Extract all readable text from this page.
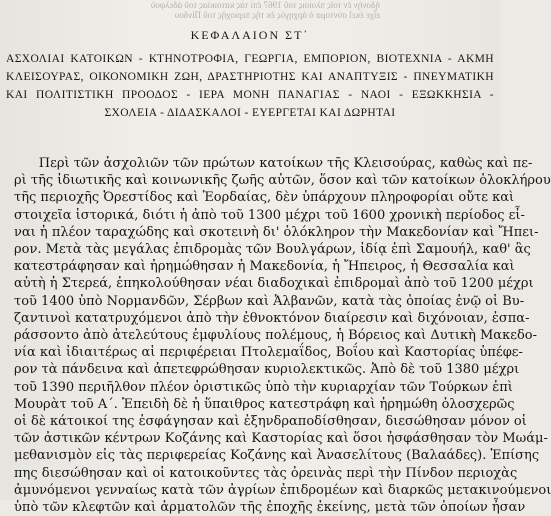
ἡδονὴν ἐν τοῖς πλοίοις τοῦ 1967 ἐπὶ τὰς κατοικίας τοῦ ἀδελφοῦ
εἶχε ἐκεῖ σύντομα ὁ ἀρχηγὸς ἐκ τῆς περιοχῆς τοῦ Πίνδου
ΚΕΦΑΛΑΙΟΝ ΣΤ΄
ΑΣΧΟΛΙΑΙ ΚΑΤΟΙΚΩΝ - ΚΤΗΝΟΤΡΟΦΙΑ, ΓΕΩΡΓΙΑ, ΕΜΠΟΡΙΟΝ, ΒΙΟΤΕΧΝΙΑ - ΑΚΜΗ
ΚΛΕΙΣΟΥΡΑΣ, ΟΙΚΟΝΟΜΙΚΗ ΖΩΗ, ΔΡΑΣΤΗΡΙΟΤΗΣ ΚΑΙ ΑΝΑΠΤΥΞΙΣ - ΠΝΕΥΜΑΤΙΚΗ
ΚΑΙ ΠΟΛΙΤΙΣΤΙΚΗ ΠΡΟΟΔΟΣ - ΙΕΡΑ ΜΟΝΗ ΠΑΝΑΓΙΑΣ - ΝΑΟΙ - ΕΞΩΚΚΗΣΙΑ -
ΣΧΟΛΕΙΑ - ΔΙΔΑΣΚΑΛΟΙ - ΕΥΕΡΓΕΤΑΙ ΚΑΙ ΔΩΡΗΤΑΙ
Περὶ τῶν ἀσχολιῶν τῶν πρώτων κατοίκων τῆς Κλεισούρας, καθὼς καὶ πε-
ρὶ τῆς ἰδιωτικῆς καὶ κοινωνικῆς ζωῆς αὐτῶν, ὅσον καὶ τῶν κατοίκων ὁλοκλήρου
τῆς περιοχῆς Ὀρεστίδος καὶ Ἐορδαίας, δὲν ὑπάρχουν πληροφορίαι οὔτε καὶ
στοιχεῖα ἱστορικά, διότι ἡ ἀπὸ τοῦ 1300 μέχρι τοῦ 1600 χρονικὴ περίοδος εἶ-
ναι ἡ πλέον ταραχώδης καὶ σκοτεινὴ δι' ὁλόκληρον τὴν Μακεδονίαν καὶ Ἤπει-
ρον. Μετὰ τὰς μεγάλας ἐπιδρομὰς τῶν Βουλγάρων, ἰδίᾳ ἐπὶ Σαμουήλ, καθ' ἃς
κατεστράφησαν καὶ ἠρημώθησαν ἡ Μακεδονία, ἡ Ἤπειρος, ἡ Θεσσαλία καὶ
αὐτὴ ἡ Στερεά, ἐπηκολούθησαν νέαι διαδοχικαὶ ἐπιδρομαὶ ἀπὸ τοῦ 1200 μέχρι
τοῦ 1400 ὑπὸ Νορμανδῶν, Σέρβων καὶ Ἀλβανῶν, κατὰ τὰς ὁποίας ἐνῷ οἱ Βυ-
ζαντινοὶ κατατρυχόμενοι ἀπὸ τὴν ἐθνοκτόνον διαίρεσιν καὶ διχόνοιαν, ἐσπα-
ράσσοντο ἀπὸ ἀτελεύτους ἐμφυλίους πολέμους, ἡ Βόρειος καὶ Δυτικὴ Μακεδο-
νία καὶ ἰδιαιτέρως αἱ περιφέρειαι Πτολεμαΐδος, Βοΐου καὶ Καστορίας ὑπέφε-
ρον τὰ πάνδεινα καὶ ἀπετεφρώθησαν κυριολεκτικῶς. Ἀπὸ δὲ τοῦ 1380 μέχρι
τοῦ 1390 περιῆλθον πλέον ὁριστικῶς ὑπὸ τὴν κυριαρχίαν τῶν Τούρκων ἐπὶ
Μουρὰτ τοῦ Α΄. Ἐπειδὴ δὲ ἡ ὕπαιθρος κατεστράφη καὶ ἠρημώθη ὁλοσχερῶς
οἱ δὲ κάτοικοί της ἐσφάγησαν καὶ ἐξηνδραποδίσθησαν, διεσώθησαν μόνον οἱ
τῶν ἀστικῶν κέντρων Κοζάνης καὶ Καστορίας καὶ ὅσοι ἠσφάσθησαν τὸν Μωάμ-
μεθανισμὸν εἰς τὰς περιφερείας Κοζάνης καὶ Ἀνασελίτους (Βαλαάδες). Ἐπίσης
πης διεσώθησαν καὶ οἱ κατοικοῦντες τὰς ὀρεινὰς περὶ τὴν Πίνδον περιοχὰς
ἀμυνόμενοι γενναίως κατὰ τῶν ἀγρίων ἐπιδρομέων καὶ διαρκῶς μετακινούμενοι
ὑπὸ τῶν κλεφτῶν καὶ ἀρματολῶν τῆς ἐποχῆς ἐκείνης, μετὰ τῶν ὁποίων ἦσαν
